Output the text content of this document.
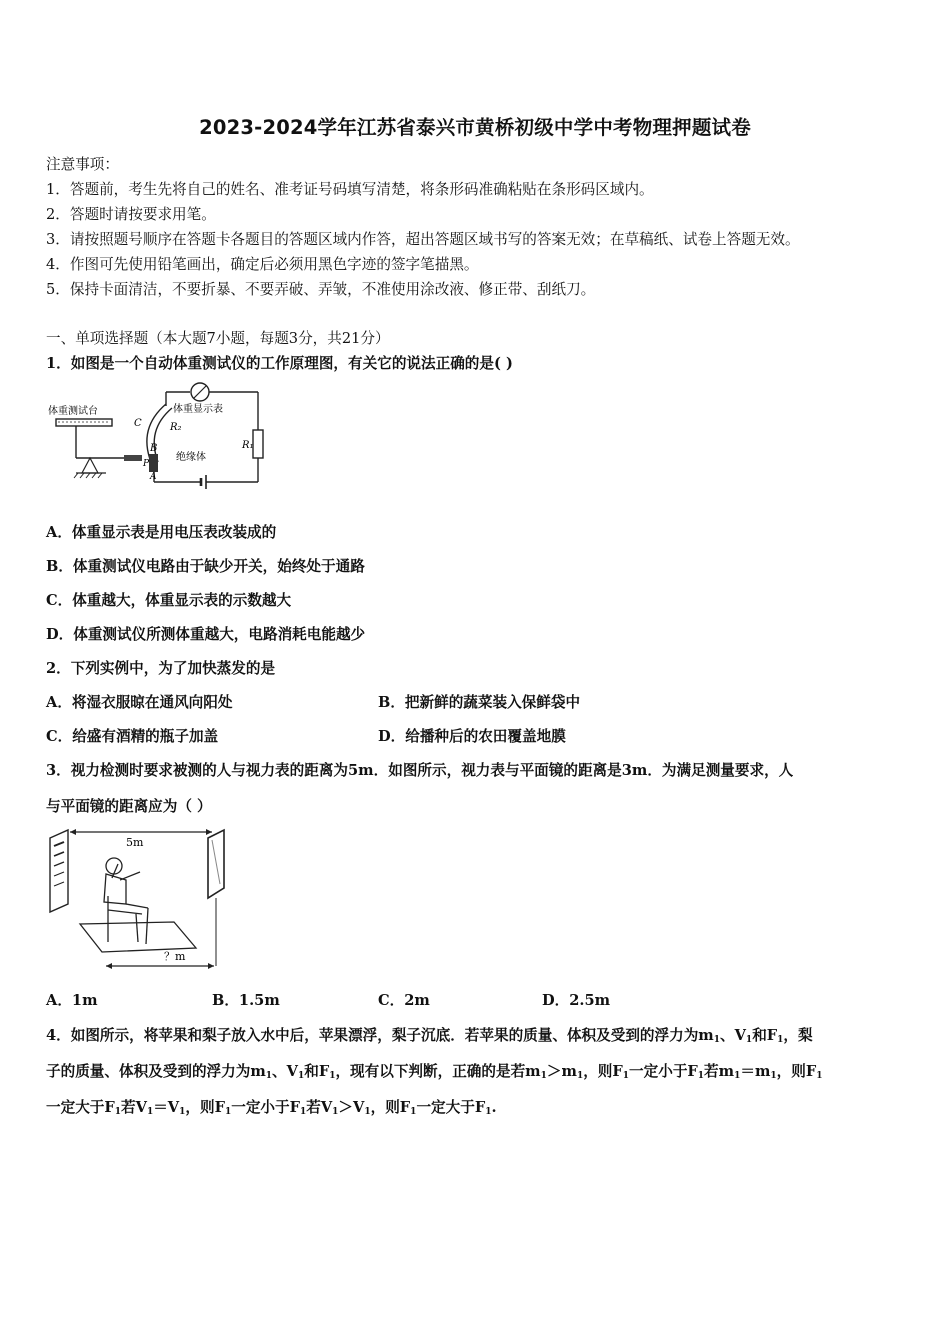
2023-2024学年江苏省泰兴市黄桥初级中学中考物理押题试卷
注意事项：
1．答题前，考生先将自己的姓名、准考证号码填写清楚，将条形码准确粘贴在条形码区域内。
2．答题时请按要求用笔。
3．请按照题号顺序在答题卡各题目的答题区域内作答，超出答题区域书写的答案无效；在草稿纸、试卷上答题无效。
4．作图可先使用铅笔画出，确定后必须用黑色字迹的签字笔描黑。
5．保持卡面清洁，不要折暴、不要弄破、弄皱，不准使用涂改液、修正带、刮纸刀。
一、单项选择题（本大题7小题，每题3分，共21分）
1．如图是一个自动体重测试仪的工作原理图，有关它的说法正确的是( )
体重测试台	体重显示表
R₂
R₁
绝缘体
C
B
P
A
A．体重显示表是用电压表改装成的
B．体重测试仪电路由于缺少开关，始终处于通路
C．体重越大，体重显示表的示数越大
D．体重测试仪所测体重越大，电路消耗电能越少
2．下列实例中，为了加快蒸发的是
A．将湿衣服晾在通风向阳处	B．把新鲜的蔬菜装入保鲜袋中
C．给盛有酒精的瓶子加盖	D．给播种后的农田覆盖地膜
3．视力检测时要求被测的人与视力表的距离为5m．如图所示，视力表与平面镜的距离是3m．为满足测量要求，人
与平面镜的距离应为（ ）
5m
？m
A．1m	B．1.5m	C．2m	D．2.5m
4．如图所示，将苹果和梨子放入水中后，苹果漂浮，梨子沉底．若苹果的质量、体积及受到的浮力为$m_1$、$V_1$和$F_1$，梨
子的质量、体积及受到的浮力为$m_1$、$V_1$和$F_1$，现有以下判断，正确的是若$m_1>m_1$，则$F_1$一定小于$F_1$若$m_1=m_1$，则$F_1$
一定大于$F_1$若$V_1=V_1$，则$F_1$一定小于$F_1$若$V_1>V_1$，则$F_1$一定大于$F_1$.
